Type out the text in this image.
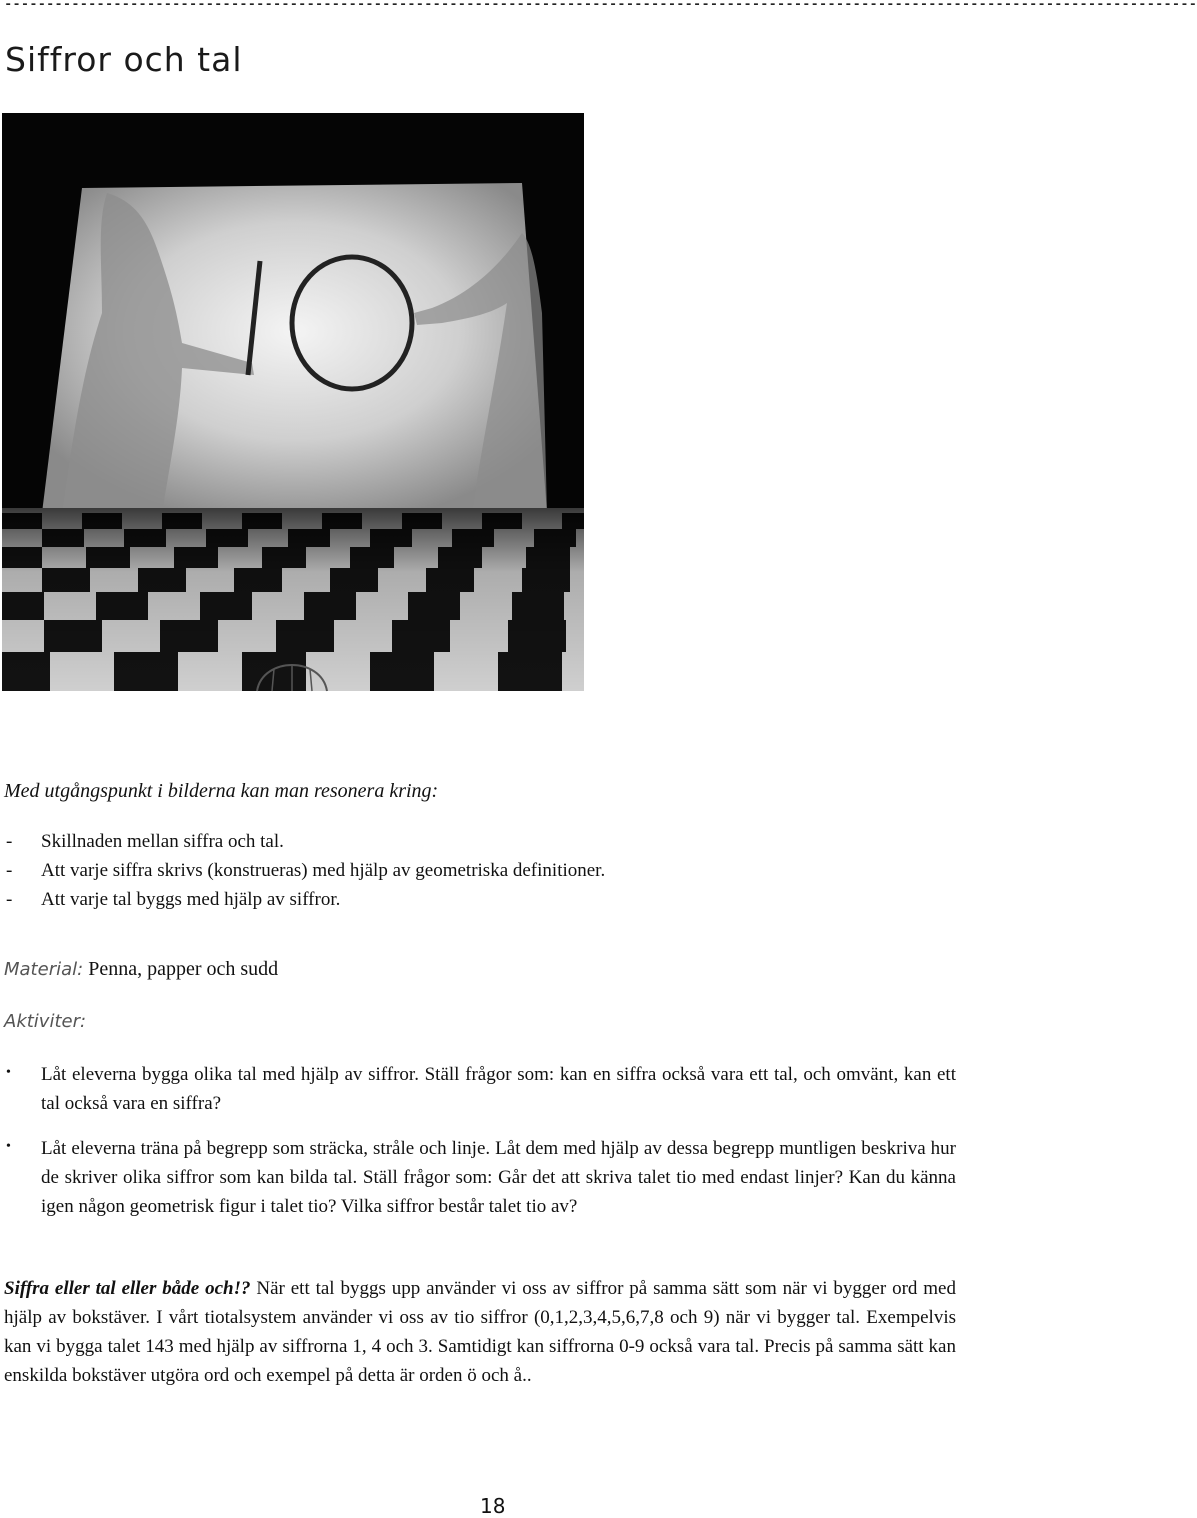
----------------------------------------------------------------------------------------------------------------------------------------------
Siffror och tal
Med utgångspunkt i bilderna kan man resonera kring:
- Skillnaden mellan siffra och tal.
- Att varje siffra skrivs (konstrueras) med hjälp av geometriska definitioner.
- Att varje tal byggs med hjälp av siffror.
Material: Penna, papper och sudd
Aktiviter:
• Låt eleverna bygga olika tal med hjälp av siffror. Ställ frågor som: kan en siffra också vara ett tal, och omvänt, kan ett tal också vara en siffra?
• Låt eleverna träna på begrepp som sträcka, stråle och linje. Låt dem med hjälp av dessa begrepp muntligen beskriva hur de skriver olika siffror som kan bilda tal. Ställ frågor som: Går det att skriva talet tio med endast linjer? Kan du känna igen någon geometrisk figur i talet tio? Vilka siffror består talet tio av?
Siffra eller tal eller både och!? När ett tal byggs upp använder vi oss av siffror på samma sätt som när vi bygger ord med hjälp av bokstäver. I vårt tiotalsystem använder vi oss av tio siffror (0,1,2,3,4,5,6,7,8 och 9) när vi bygger tal. Exempelvis kan vi bygga talet 143 med hjälp av siffrorna 1, 4 och 3. Samtidigt kan siffrorna 0-9 också vara tal. Precis på samma sätt kan enskilda bokstäver utgöra ord och exempel på detta är orden ö och å..
18
